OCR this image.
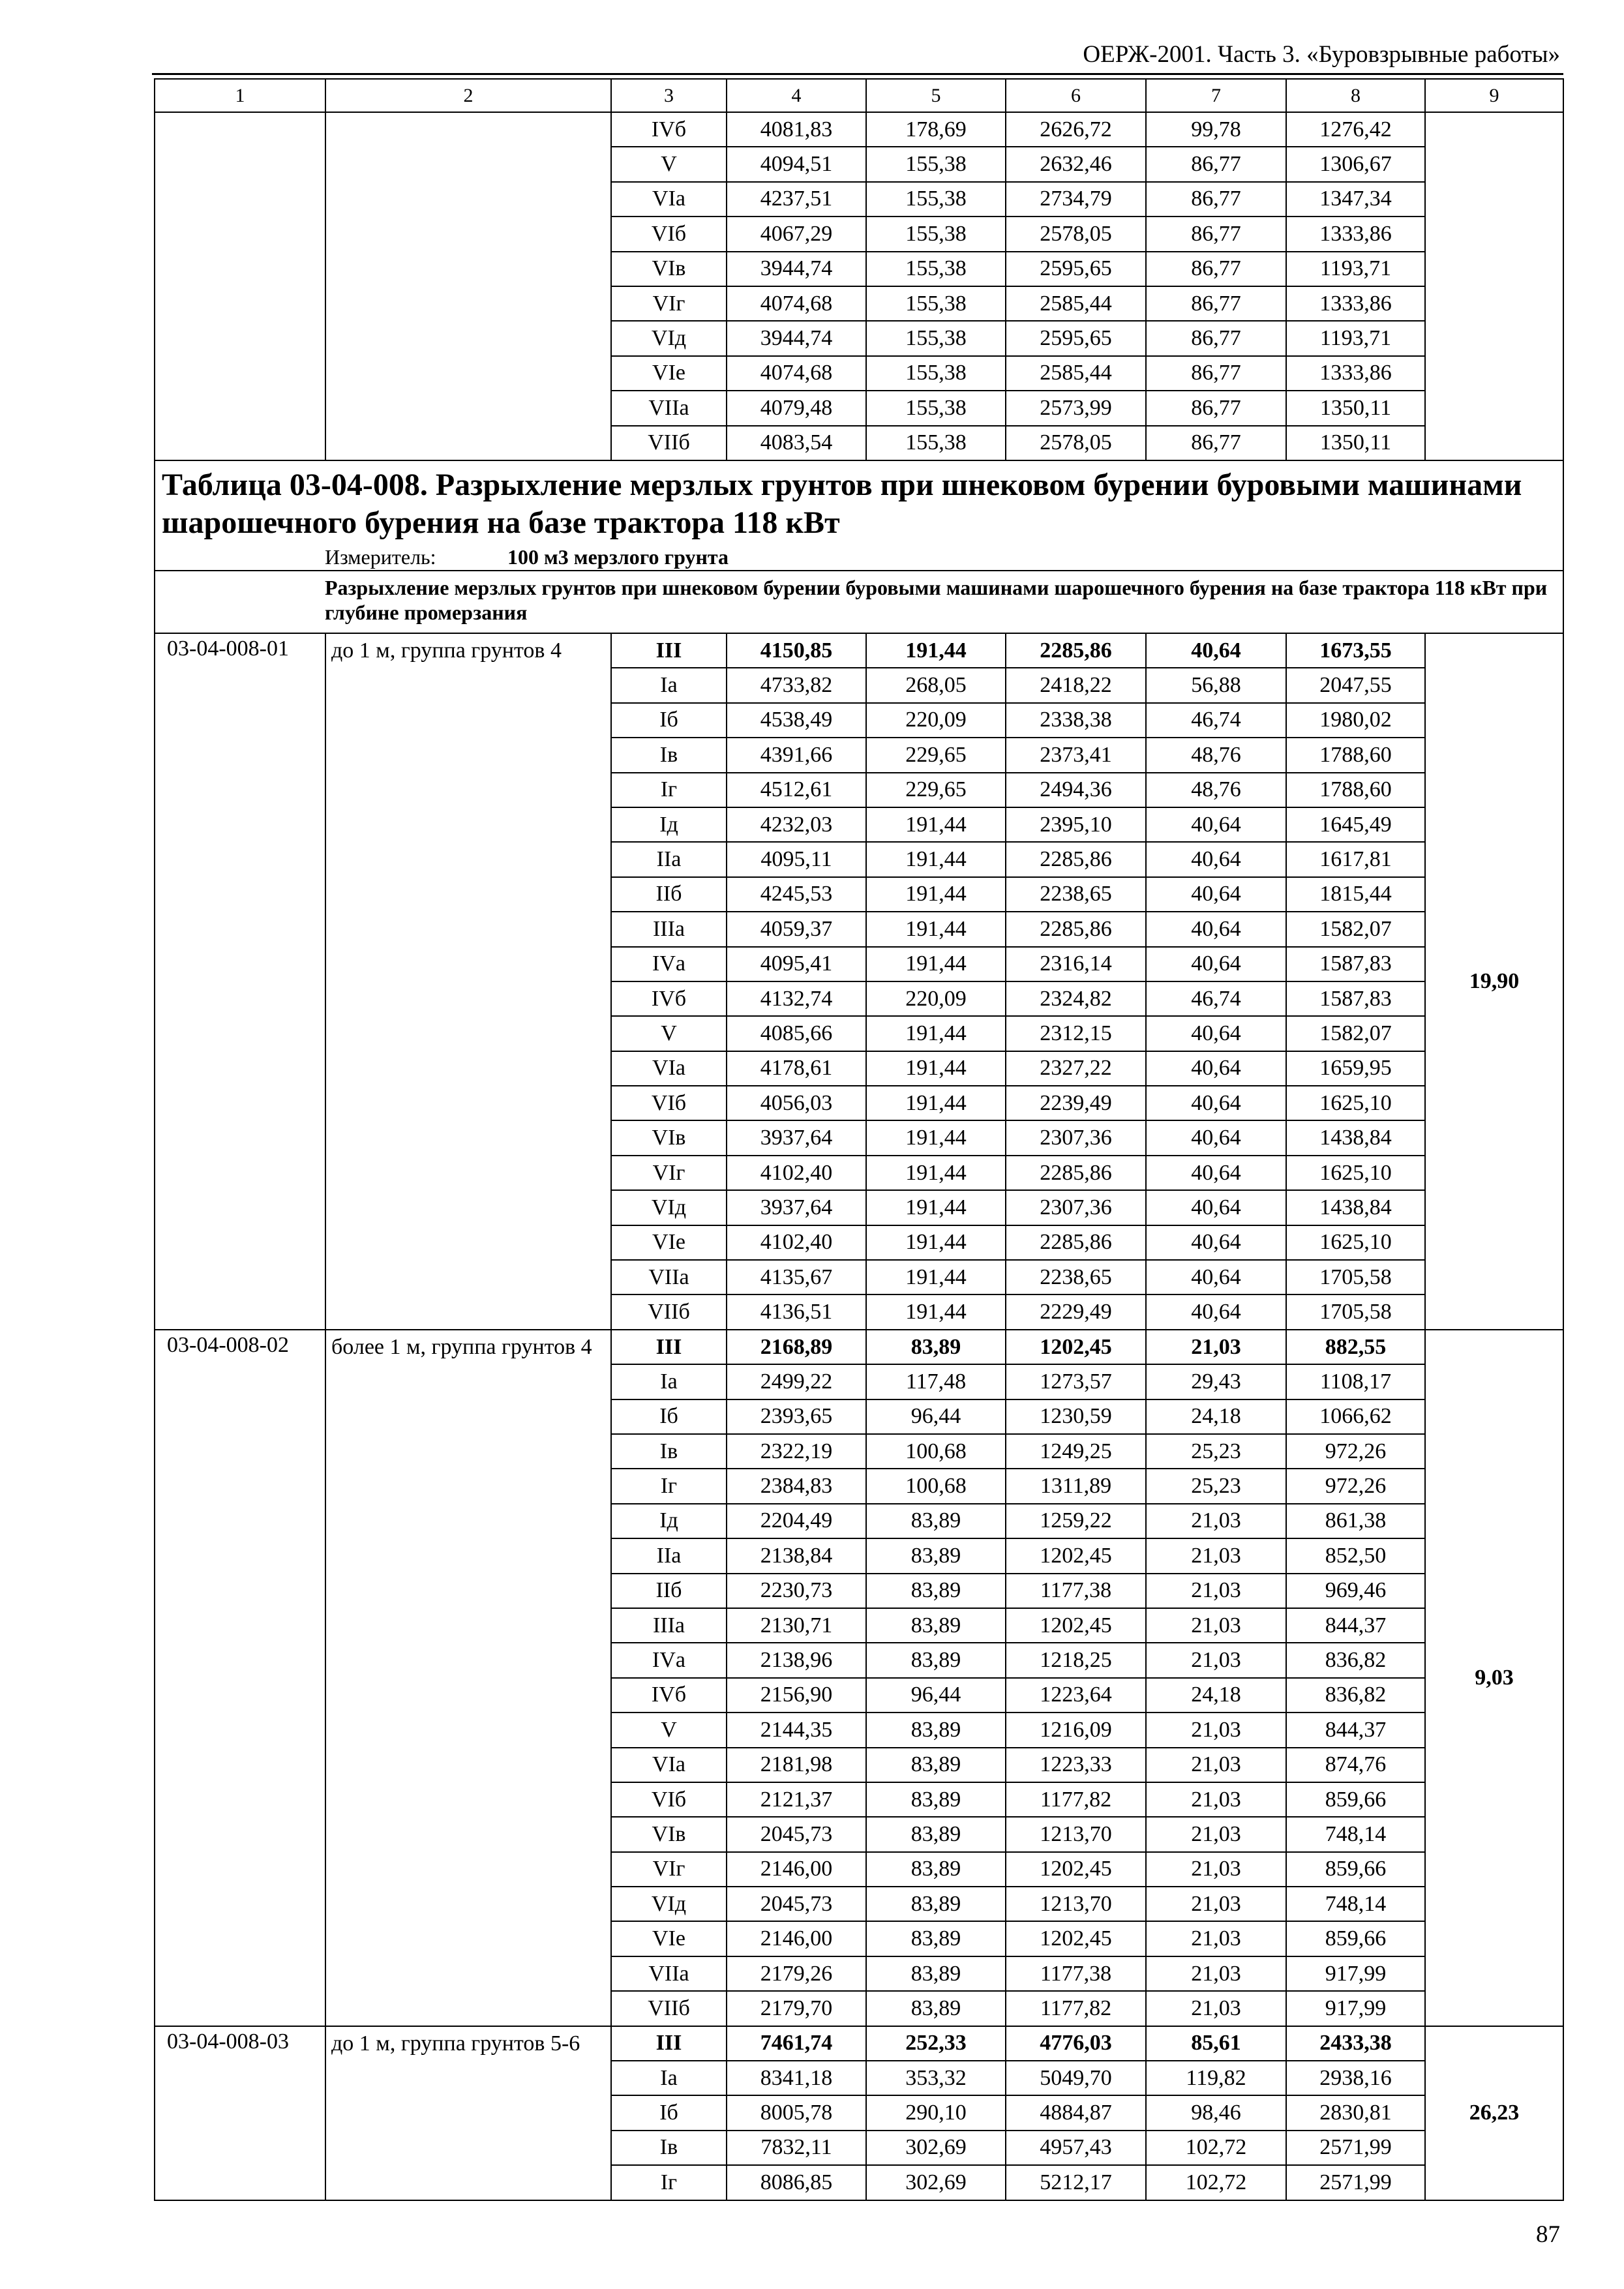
ОЕРЖ-2001. Часть 3. «Буровзрывные работы»
1	2	3	4	5	6	7	8	9
		IVб	4081,83	178,69	2626,72	99,78	1276,42	
		V	4094,51	155,38	2632,46	86,77	1306,67	
		VIа	4237,51	155,38	2734,79	86,77	1347,34	
		VIб	4067,29	155,38	2578,05	86,77	1333,86	
		VIв	3944,74	155,38	2595,65	86,77	1193,71	
		VIг	4074,68	155,38	2585,44	86,77	1333,86	
		VIд	3944,74	155,38	2595,65	86,77	1193,71	
		VIе	4074,68	155,38	2585,44	86,77	1333,86	
		VIIа	4079,48	155,38	2573,99	86,77	1350,11	
		VIIб	4083,54	155,38	2578,05	86,77	1350,11	

Таблица 03-04-008. Разрыхление мерзлых грунтов при шнековом бурении буровыми машинами шарошечного бурения на базе трактора 118 кВт
Измеритель: 100 м3 мерзлого грунта								

Разрыхление мерзлых грунтов при шнековом бурении буровыми машинами шарошечного бурения на базе трактора 118 кВт при глубине промерзания								
03-04-008-01	до 1 м, группа грунтов 4	III	4150,85	191,44	2285,86	40,64	1673,55	19,90
		Iа	4733,82	268,05	2418,22	56,88	2047,55	
		Iб	4538,49	220,09	2338,38	46,74	1980,02	
		Iв	4391,66	229,65	2373,41	48,76	1788,60	
		Iг	4512,61	229,65	2494,36	48,76	1788,60	
		Iд	4232,03	191,44	2395,10	40,64	1645,49	
		IIа	4095,11	191,44	2285,86	40,64	1617,81	
		IIб	4245,53	191,44	2238,65	40,64	1815,44	
		IIIа	4059,37	191,44	2285,86	40,64	1582,07	
		IVа	4095,41	191,44	2316,14	40,64	1587,83	
		IVб	4132,74	220,09	2324,82	46,74	1587,83	
		V	4085,66	191,44	2312,15	40,64	1582,07	
		VIа	4178,61	191,44	2327,22	40,64	1659,95	
		VIб	4056,03	191,44	2239,49	40,64	1625,10	
		VIв	3937,64	191,44	2307,36	40,64	1438,84	
		VIг	4102,40	191,44	2285,86	40,64	1625,10	
		VIд	3937,64	191,44	2307,36	40,64	1438,84	
		VIе	4102,40	191,44	2285,86	40,64	1625,10	
		VIIа	4135,67	191,44	2238,65	40,64	1705,58	
		VIIб	4136,51	191,44	2229,49	40,64	1705,58	
03-04-008-02	более 1 м, группа грунтов 4	III	2168,89	83,89	1202,45	21,03	882,55	9,03
		Iа	2499,22	117,48	1273,57	29,43	1108,17	
		Iб	2393,65	96,44	1230,59	24,18	1066,62	
		Iв	2322,19	100,68	1249,25	25,23	972,26	
		Iг	2384,83	100,68	1311,89	25,23	972,26	
		Iд	2204,49	83,89	1259,22	21,03	861,38	
		IIа	2138,84	83,89	1202,45	21,03	852,50	
		IIб	2230,73	83,89	1177,38	21,03	969,46	
		IIIа	2130,71	83,89	1202,45	21,03	844,37	
		IVа	2138,96	83,89	1218,25	21,03	836,82	
		IVб	2156,90	96,44	1223,64	24,18	836,82	
		V	2144,35	83,89	1216,09	21,03	844,37	
		VIа	2181,98	83,89	1223,33	21,03	874,76	
		VIб	2121,37	83,89	1177,82	21,03	859,66	
		VIв	2045,73	83,89	1213,70	21,03	748,14	
		VIг	2146,00	83,89	1202,45	21,03	859,66	
		VIд	2045,73	83,89	1213,70	21,03	748,14	
		VIе	2146,00	83,89	1202,45	21,03	859,66	
		VIIа	2179,26	83,89	1177,38	21,03	917,99	
		VIIб	2179,70	83,89	1177,82	21,03	917,99	
03-04-008-03	до 1 м, группа грунтов 5-6	III	7461,74	252,33	4776,03	85,61	2433,38	26,23
		Iа	8341,18	353,32	5049,70	119,82	2938,16	
		Iб	8005,78	290,10	4884,87	98,46	2830,81	
		Iв	7832,11	302,69	4957,43	102,72	2571,99	
		Iг	8086,85	302,69	5212,17	102,72	2571,99	
87
